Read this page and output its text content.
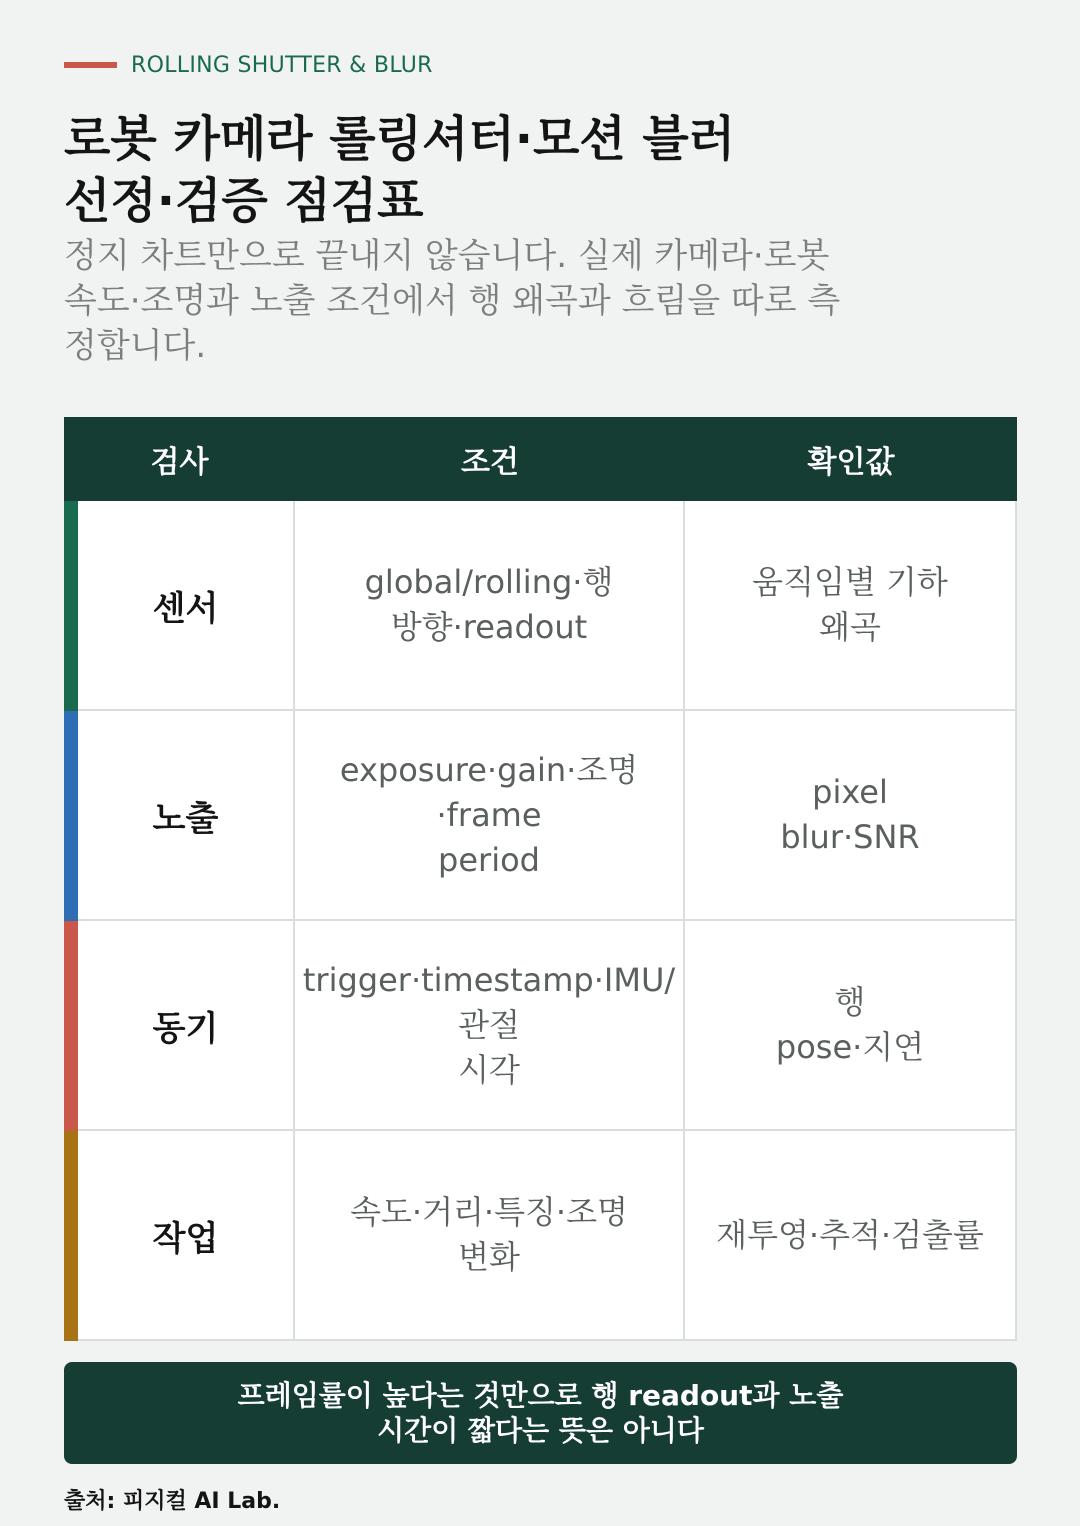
ROLLING SHUTTER & BLUR
로봇 카메라 롤링셔터·모션 블러
선정·검증 점검표

정지 차트만으로 끝내지 않습니다. 실제 카메라·로봇 속도·조명과 노출 조건에서 행 왜곡과 흐림을 따로 측정합니다.

검사	조건	확인값
센서
global/rolling·행
방향·readout
움직임별 기하
왜곡
노출
exposure·gain·조명·frame
period
pixel
blur·SNR
동기
trigger·timestamp·IMU/관절
시각
행
pose·지연
작업
속도·거리·특징·조명
변화
재투영·추적·검출률
프레임률이 높다는 것만으로 행 readout과 노출
시간이 짧다는 뜻은 아니다
출처: 피지컬 AI Lab.
